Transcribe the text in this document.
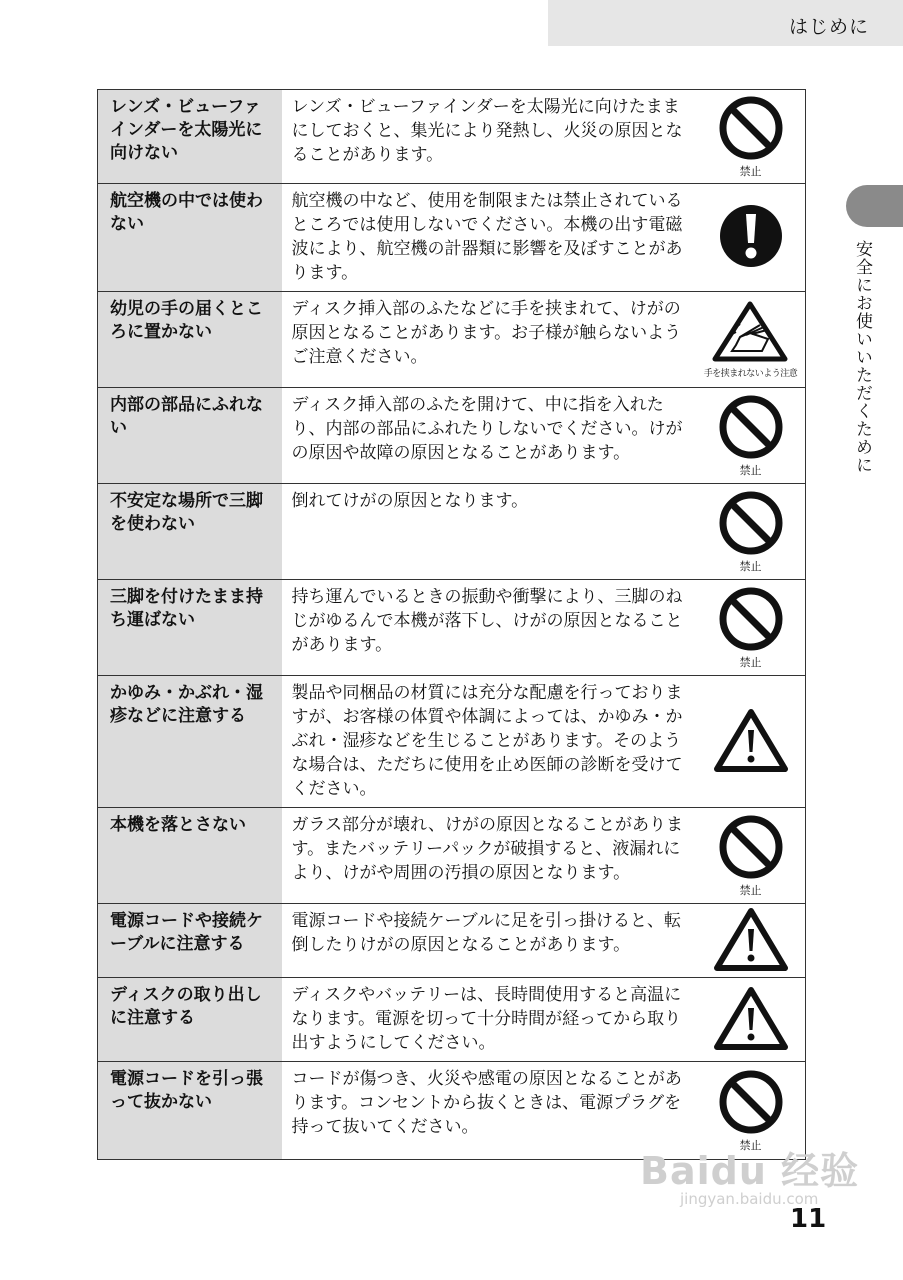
はじめに
安全にお使いいただくために
レンズ・ビューファインダーを太陽光に向けない	レンズ・ビューファインダーを太陽光に向けたままにしておくと、集光により発熱し、火災の原因となることがあります。	禁止

航空機の中では使わない	航空機の中など、使用を制限または禁止されているところでは使用しないでください。本機の出す電磁波により、航空機の計器類に影響を及ぼすことがあります。	

幼児の手の届くところに置かない	ディスク挿入部のふたなどに手を挟まれて、けがの原因となることがあります。お子様が触らないようご注意ください。	手を挟まれないよう注意

内部の部品にふれない	ディスク挿入部のふたを開けて、中に指を入れたり、内部の部品にふれたりしないでください。けがの原因や故障の原因となることがあります。	禁止

不安定な場所で三脚を使わない	倒れてけがの原因となります。	禁止

三脚を付けたまま持ち運ばない	持ち運んでいるときの振動や衝撃により、三脚のねじがゆるんで本機が落下し、けがの原因となることがあります。	禁止

かゆみ・かぶれ・湿疹などに注意する	製品や同梱品の材質には充分な配慮を行っておりますが、お客様の体質や体調によっては、かゆみ・かぶれ・湿疹などを生じることがあります。そのような場合は、ただちに使用を止め医師の診断を受けてください。	

本機を落とさない	ガラス部分が壊れ、けがの原因となることがあります。またバッテリーパックが破損すると、液漏れにより、けがや周囲の汚損の原因となります。	禁止

電源コードや接続ケーブルに注意する	電源コードや接続ケーブルに足を引っ掛けると、転倒したりけがの原因となることがあります。	

ディスクの取り出しに注意する	ディスクやバッテリーは、長時間使用すると高温になります。電源を切って十分時間が経ってから取り出すようにしてください。	

電源コードを引っ張って抜かない	コードが傷つき、火災や感電の原因となることがあります。コンセントから抜くときは、電源プラグを持って抜いてください。	禁止
Baidu 经验
jingyan.baidu.com
11
